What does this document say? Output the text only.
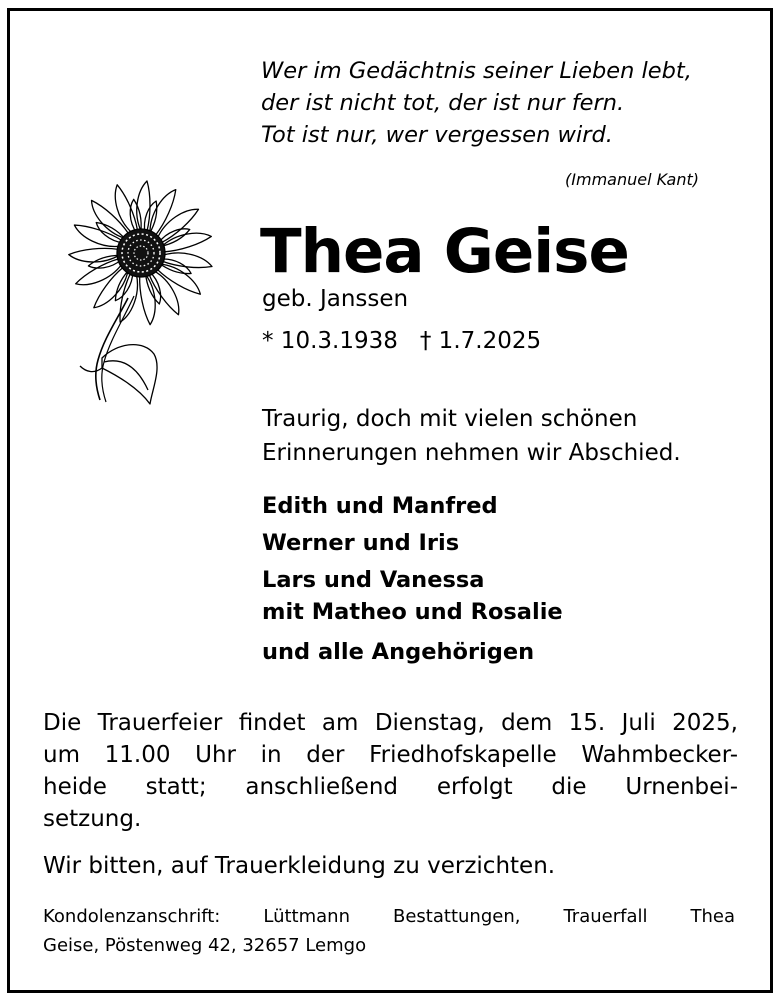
Wer im Gedächtnis seiner Lieben lebt,
der ist nicht tot, der ist nur fern.
Tot ist nur, wer vergessen wird.
(Immanuel Kant)
Thea Geise
geb. Janssen
* 10.3.1938 † 1.7.2025
Traurig, doch mit vielen schönen
Erinnerungen nehmen wir Abschied.
Edith und Manfred
Werner und Iris
Lars und Vanessa
mit Matheo und Rosalie
und alle Angehörigen
Die Trauerfeier findet am Dienstag, dem 15. Juli 2025,
um 11.00 Uhr in der Friedhofskapelle Wahmbecker-
heide statt; anschließend erfolgt die Urnenbei-
setzung.
Wir bitten, auf Trauerkleidung zu verzichten.
Kondolenzanschrift: Lüttmann Bestattungen, Trauerfall Thea
Geise, Pöstenweg 42, 32657 Lemgo
